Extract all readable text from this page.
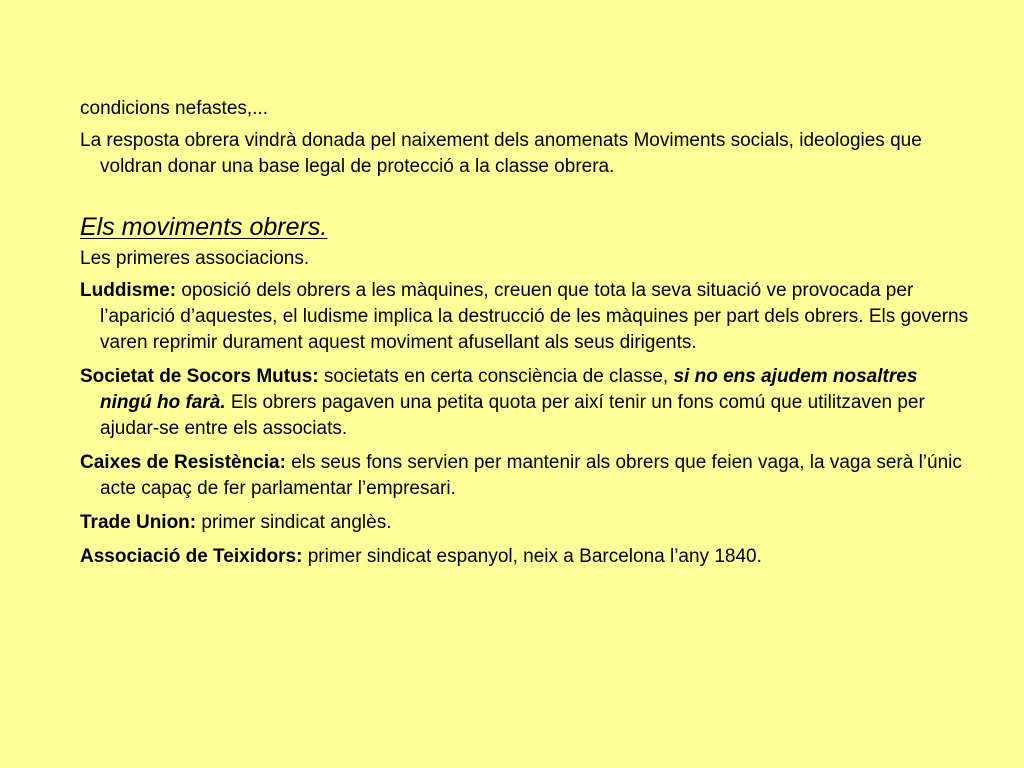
condicions nefastes,...

La resposta obrera vindrà donada pel naixement dels anomenats Moviments socials, ideologies que voldran donar una base legal de protecció a la classe obrera.

Els moviments obrers.

Les primeres associacions.

Luddisme: oposició dels obrers a les màquines, creuen que tota la seva situació ve provocada per l’aparició d’aquestes, el ludisme implica la destrucció de les màquines per part dels obrers. Els governs varen reprimir durament aquest moviment afusellant als seus dirigents.

Societat de Socors Mutus: societats en certa consciència de classe, si no ens ajudem nosaltres ningú ho farà. Els obrers pagaven una petita quota per així tenir un fons comú que utilitzaven per ajudar-se entre els associats.

Caixes de Resistència: els seus fons servien per mantenir als obrers que feien vaga, la vaga serà l’únic acte capaç de fer parlamentar l’empresari.

Trade Union: primer sindicat anglès.

Associació de Teixidors: primer sindicat espanyol, neix a Barcelona l’any 1840.
